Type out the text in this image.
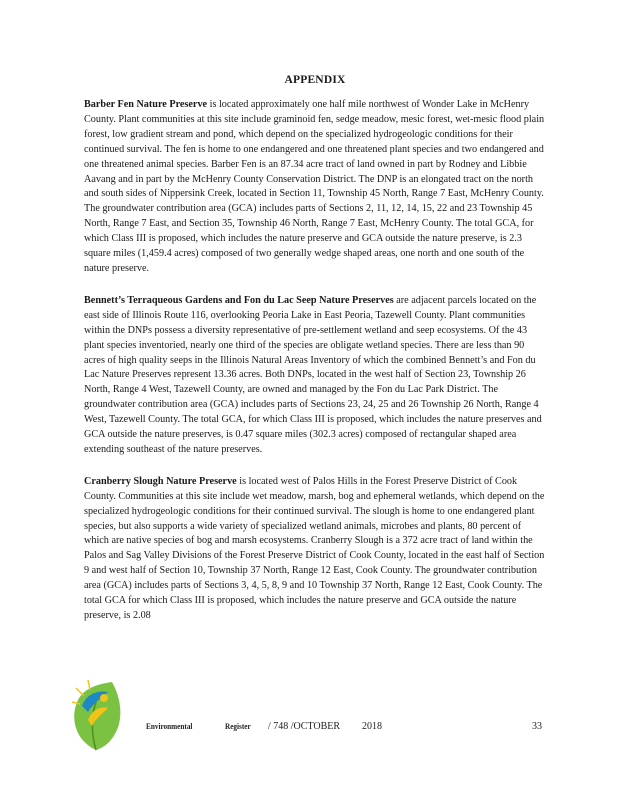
APPENDIX

Barber Fen Nature Preserve is located approximately one half mile northwest of Wonder Lake in McHenry County. Plant communities at this site include graminoid fen, sedge meadow, mesic forest, wet-mesic flood plain forest, low gradient stream and pond, which depend on the specialized hydrogeologic conditions for their continued survival. The fen is home to one endangered and one threatened plant species and two endangered and one threatened animal species. Barber Fen is an 87.34 acre tract of land owned in part by Rodney and Libbie Aavang and in part by the McHenry County Conservation District. The DNP is an elongated tract on the north and south sides of Nippersink Creek, located in Section 11, Township 45 North, Range 7 East, McHenry County. The groundwater contribution area (GCA) includes parts of Sections 2, 11, 12, 14, 15, 22 and 23 Township 45 North, Range 7 East, and Section 35, Township 46 North, Range 7 East, McHenry County. The total GCA, for which Class III is proposed, which includes the nature preserve and GCA outside the nature preserve, is 2.3 square miles (1,459.4 acres) composed of two generally wedge shaped areas, one north and one south of the nature preserve.

Bennett’s Terraqueous Gardens and Fon du Lac Seep Nature Preserves are adjacent parcels located on the east side of Illinois Route 116, overlooking Peoria Lake in East Peoria, Tazewell County. Plant communities within the DNPs possess a diversity representative of pre-settlement wetland and seep ecosystems. Of the 43 plant species inventoried, nearly one third of the species are obligate wetland species. There are less than 90 acres of high quality seeps in the Illinois Natural Areas Inventory of which the combined Bennett’s and Fon du Lac Nature Preserves represent 13.36 acres. Both DNPs, located in the west half of Section 23, Township 26 North, Range 4 West, Tazewell County, are owned and managed by the Fon du Lac Park District. The groundwater contribution area (GCA) includes parts of Sections 23, 24, 25 and 26 Township 26 North, Range 4 West, Tazewell County. The total GCA, for which Class III is proposed, which includes the nature preserves and GCA outside the nature preserves, is 0.47 square miles (302.3 acres) composed of rectangular shaped area extending southeast of the nature preserves.

Cranberry Slough Nature Preserve is located west of Palos Hills in the Forest Preserve District of Cook County. Communities at this site include wet meadow, marsh, bog and ephemeral wetlands, which depend on the specialized hydrogeologic conditions for their continued survival. The slough is home to one endangered plant species, but also supports a wide variety of specialized wetland animals, microbes and plants, 80 percent of which are native species of bog and marsh ecosystems. Cranberry Slough is a 372 acre tract of land within the Palos and Sag Valley Divisions of the Forest Preserve District of Cook County, located in the east half of Section 9 and west half of Section 10, Township 37 North, Range 12 East, Cook County. The groundwater contribution area (GCA) includes parts of Sections 3, 4, 5, 8, 9 and 10 Township 37 North, Range 12 East, Cook County. The total GCA for which Class III is proposed, which includes the nature preserve and GCA outside the nature preserve, is 2.08

Environmental	Register / 748 /OCTOBER 2018	33
